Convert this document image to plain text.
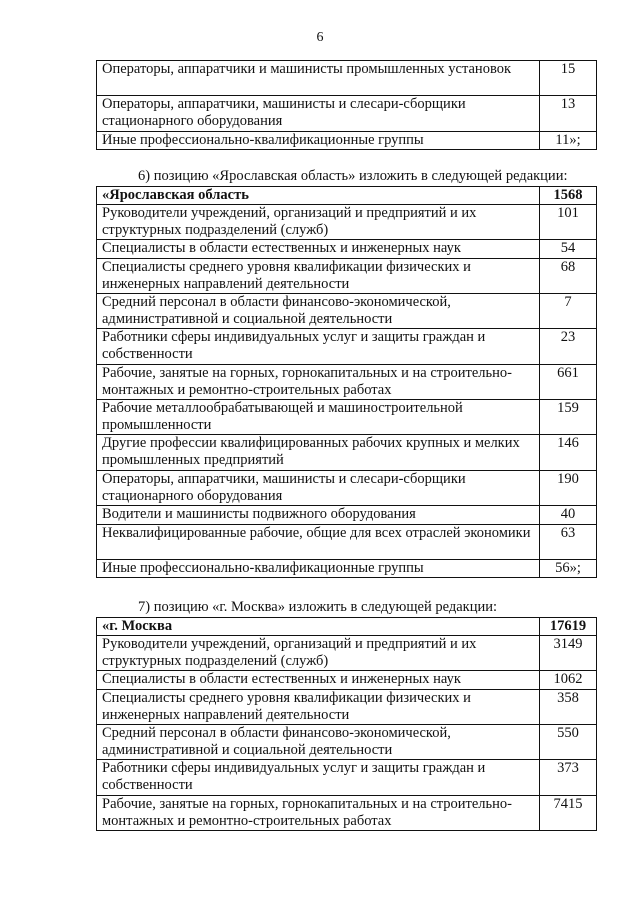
6
Операторы, аппаратчики и машинисты промышленных установок	15
Операторы, аппаратчики, машинисты и слесари-сборщики стационарного оборудования	13
Иные профессионально-квалификационные группы	11»;
6) позицию «Ярославская область» изложить в следующей редакции:
«Ярославская область	1568
Руководители учреждений, организаций и предприятий и их структурных подразделений (служб)	101
Специалисты в области естественных и инженерных наук	54
Специалисты среднего уровня квалификации физических и инженерных направлений деятельности	68
Средний персонал в области финансово-экономической, административной и социальной деятельности	7
Работники сферы индивидуальных услуг и защиты граждан и собственности	23
Рабочие, занятые на горных, горнокапитальных и на строительно-монтажных и ремонтно-строительных работах	661
Рабочие металлообрабатывающей и машиностроительной промышленности	159
Другие профессии квалифицированных рабочих крупных и мелких промышленных предприятий	146
Операторы, аппаратчики, машинисты и слесари-сборщики стационарного оборудования	190
Водители и машинисты подвижного оборудования	40
Неквалифицированные рабочие, общие для всех отраслей экономики	63
Иные профессионально-квалификационные группы	56»;
7) позицию «г. Москва» изложить в следующей редакции:
«г. Москва	17619
Руководители учреждений, организаций и предприятий и их структурных подразделений (служб)	3149
Специалисты в области естественных и инженерных наук	1062
Специалисты среднего уровня квалификации физических и инженерных направлений деятельности	358
Средний персонал в области финансово-экономической, административной и социальной деятельности	550
Работники сферы индивидуальных услуг и защиты граждан и собственности	373
Рабочие, занятые на горных, горнокапитальных и на строительно-монтажных и ремонтно-строительных работах	7415
